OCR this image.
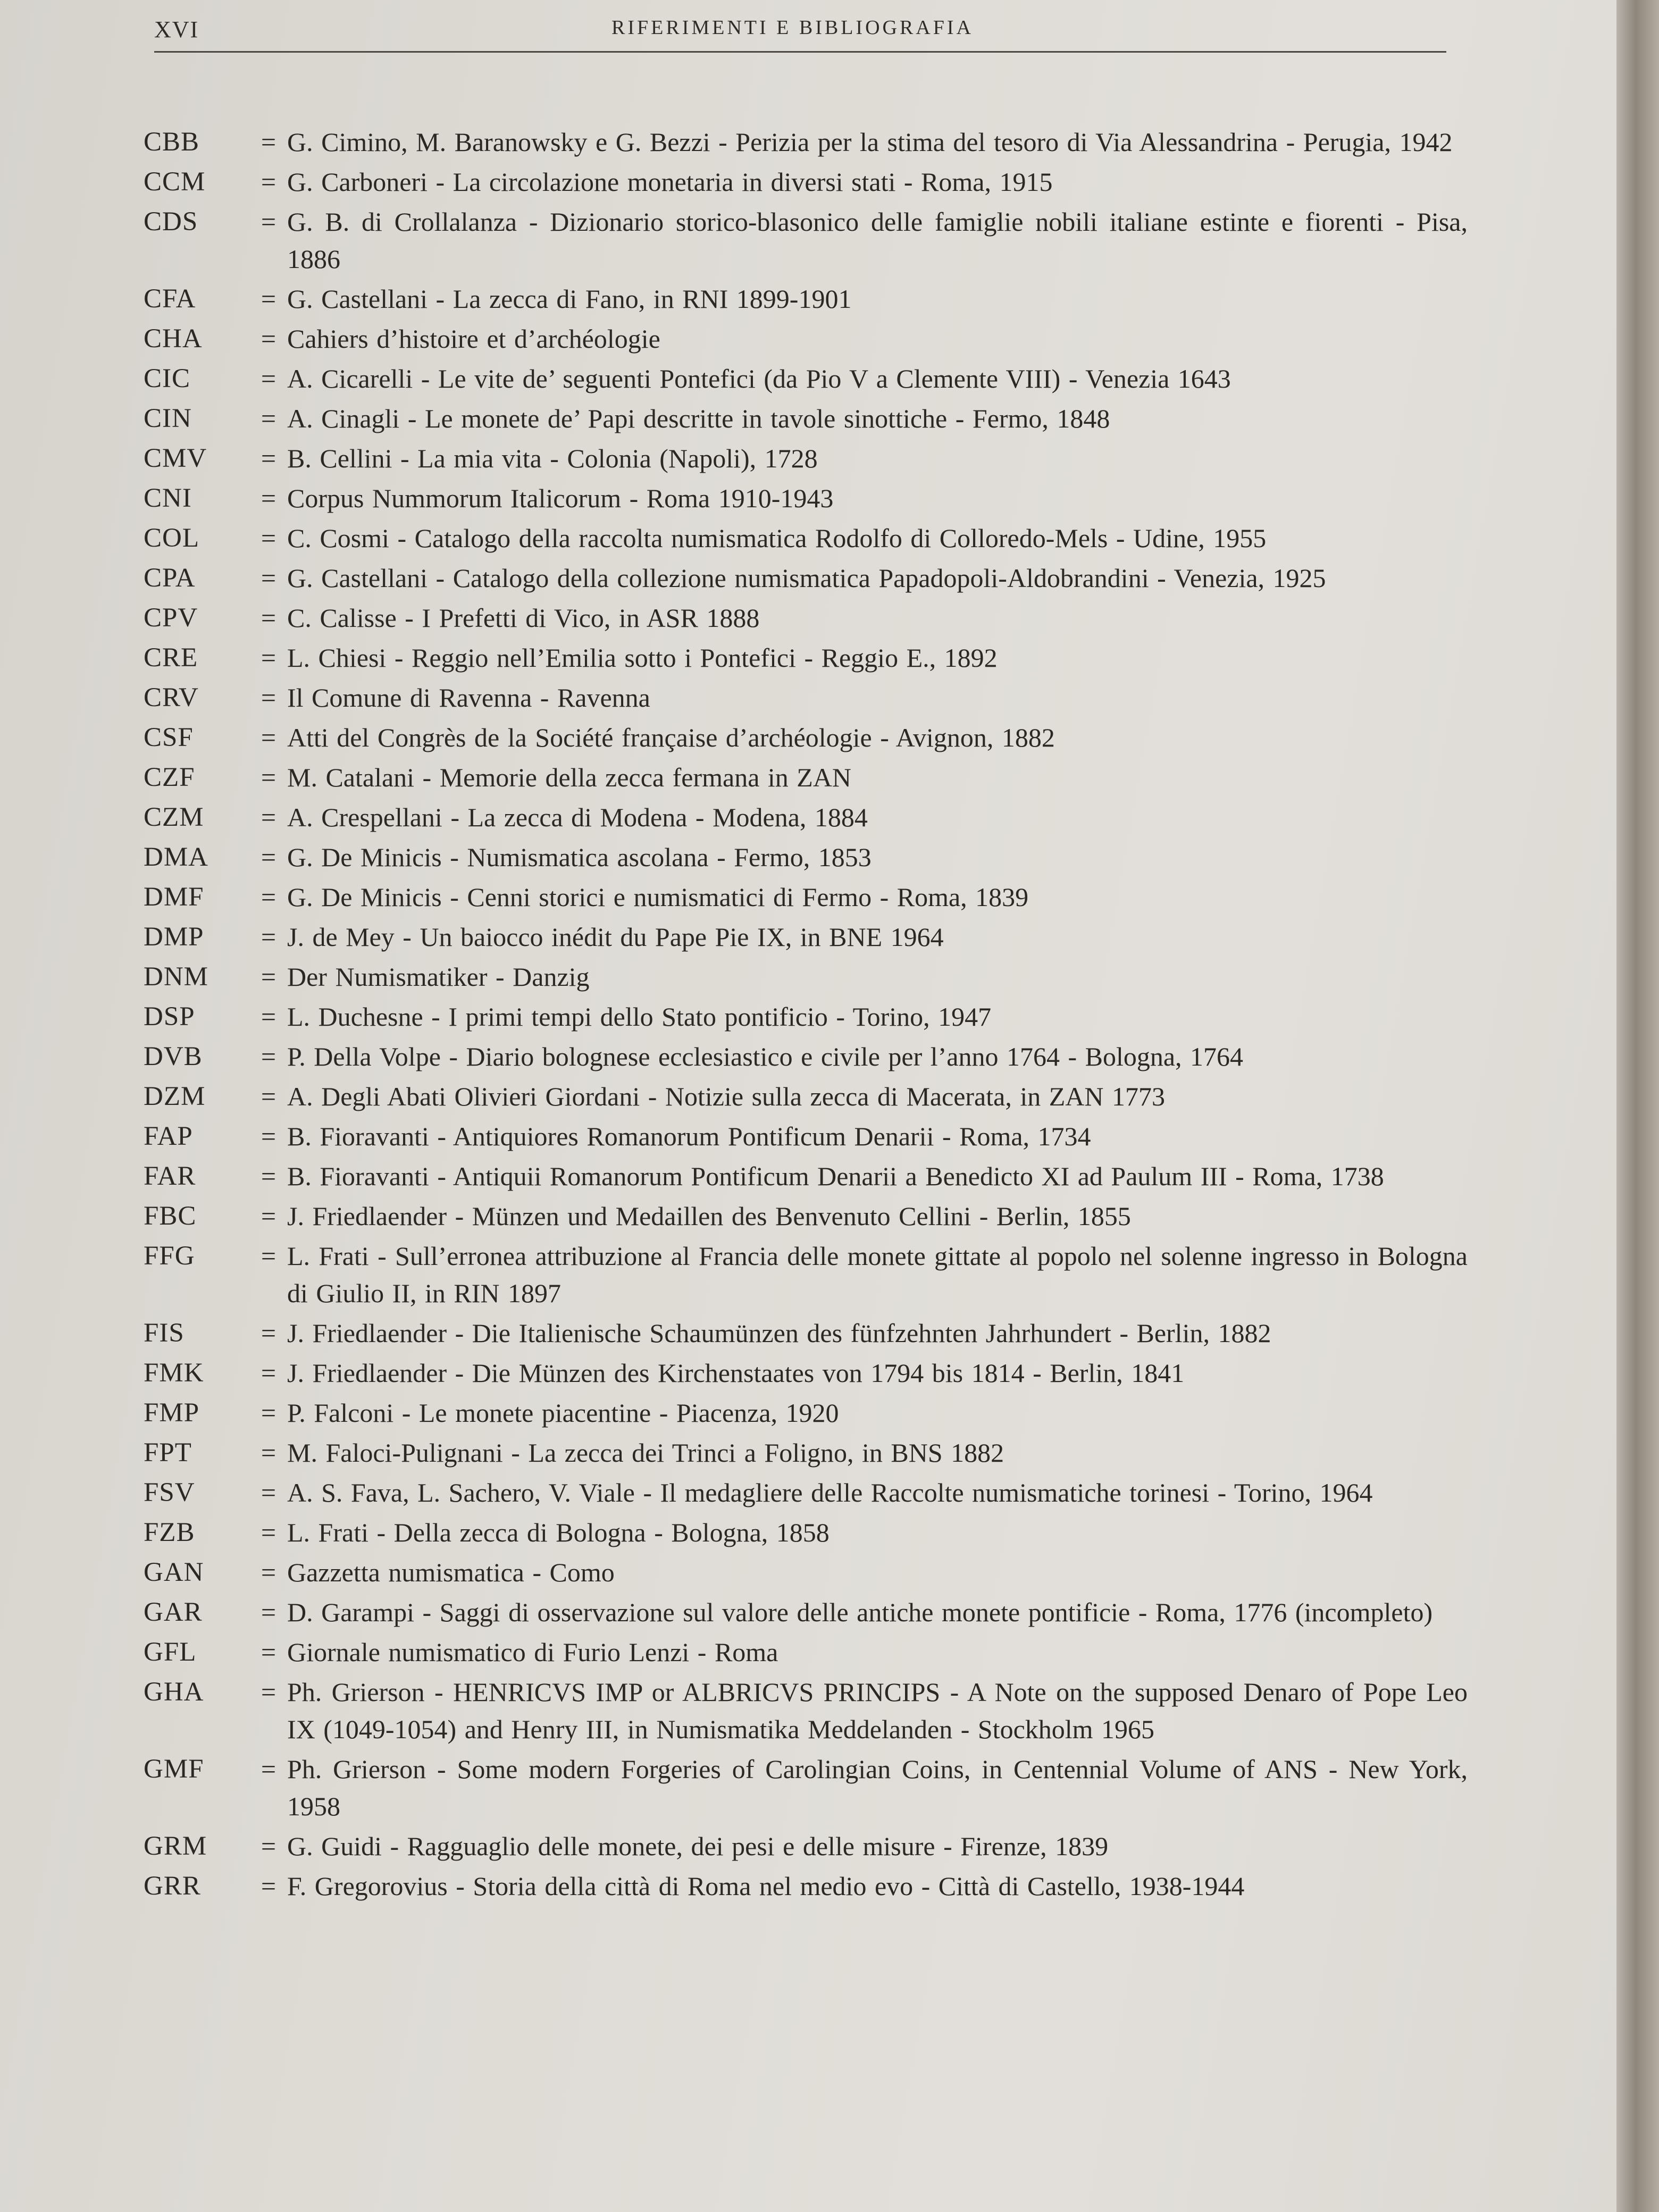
XVI	RIFERIMENTI E BIBLIOGRAFIA
CBB	= G. Cimino, M. Baranowsky e G. Bezzi - Perizia per la stima del tesoro di Via Alessandrina - Perugia, 1942
CCM	= G. Carboneri - La circolazione monetaria in diversi stati - Roma, 1915
CDS	= G. B. di Crollalanza - Dizionario storico-blasonico delle famiglie nobili italiane estinte e fiorenti - Pisa, 1886
CFA	= G. Castellani - La zecca di Fano, in RNI 1899-1901
CHA	= Cahiers d’histoire et d’archéologie
CIC	= A. Cicarelli - Le vite de’ seguenti Pontefici (da Pio V a Clemente VIII) - Venezia 1643
CIN	= A. Cinagli - Le monete de’ Papi descritte in tavole sinottiche - Fermo, 1848
CMV	= B. Cellini - La mia vita - Colonia (Napoli), 1728
CNI	= Corpus Nummorum Italicorum - Roma 1910-1943
COL	= C. Cosmi - Catalogo della raccolta numismatica Rodolfo di Colloredo-Mels - Udine, 1955
CPA	= G. Castellani - Catalogo della collezione numismatica Papadopoli-Aldobrandini - Venezia, 1925
CPV	= C. Calisse - I Prefetti di Vico, in ASR 1888
CRE	= L. Chiesi - Reggio nell’Emilia sotto i Pontefici - Reggio E., 1892
CRV	= Il Comune di Ravenna - Ravenna
CSF	= Atti del Congrès de la Société française d’archéologie - Avignon, 1882
CZF	= M. Catalani - Memorie della zecca fermana in ZAN
CZM	= A. Crespellani - La zecca di Modena - Modena, 1884
DMA	= G. De Minicis - Numismatica ascolana - Fermo, 1853
DMF	= G. De Minicis - Cenni storici e numismatici di Fermo - Roma, 1839
DMP	= J. de Mey - Un baiocco inédit du Pape Pie IX, in BNE 1964
DNM	= Der Numismatiker - Danzig
DSP	= L. Duchesne - I primi tempi dello Stato pontificio - Torino, 1947
DVB	= P. Della Volpe - Diario bolognese ecclesiastico e civile per l’anno 1764 - Bologna, 1764
DZM	= A. Degli Abati Olivieri Giordani - Notizie sulla zecca di Macerata, in ZAN 1773
FAP	= B. Fioravanti - Antiquiores Romanorum Pontificum Denarii - Roma, 1734
FAR	= B. Fioravanti - Antiquii Romanorum Pontificum Denarii a Benedicto XI ad Paulum III - Roma, 1738
FBC	= J. Friedlaender - Münzen und Medaillen des Benvenuto Cellini - Berlin, 1855
FFG	= L. Frati - Sull’erronea attribuzione al Francia delle monete gittate al popolo nel solenne ingresso in Bologna di Giulio II, in RIN 1897
FIS	= J. Friedlaender - Die Italienische Schaumünzen des fünfzehnten Jahrhundert - Berlin, 1882
FMK	= J. Friedlaender - Die Münzen des Kirchenstaates von 1794 bis 1814 - Berlin, 1841
FMP	= P. Falconi - Le monete piacentine - Piacenza, 1920
FPT	= M. Faloci-Pulignani - La zecca dei Trinci a Foligno, in BNS 1882
FSV	= A. S. Fava, L. Sachero, V. Viale - Il medagliere delle Raccolte numismatiche torinesi - Torino, 1964
FZB	= L. Frati - Della zecca di Bologna - Bologna, 1858
GAN	= Gazzetta numismatica - Como
GAR	= D. Garampi - Saggi di osservazione sul valore delle antiche monete pontificie - Roma, 1776 (incompleto)
GFL	= Giornale numismatico di Furio Lenzi - Roma
GHA	= Ph. Grierson - HENRICVS IMP or ALBRICVS PRINCIPS - A Note on the supposed Denaro of Pope Leo IX (1049-1054) and Henry III, in Numismatika Meddelanden - Stockholm 1965
GMF	= Ph. Grierson - Some modern Forgeries of Carolingian Coins, in Centennial Volume of ANS - New York, 1958
GRM	= G. Guidi - Ragguaglio delle monete, dei pesi e delle misure - Firenze, 1839
GRR	= F. Gregorovius - Storia della città di Roma nel medio evo - Città di Castello, 1938-1944
